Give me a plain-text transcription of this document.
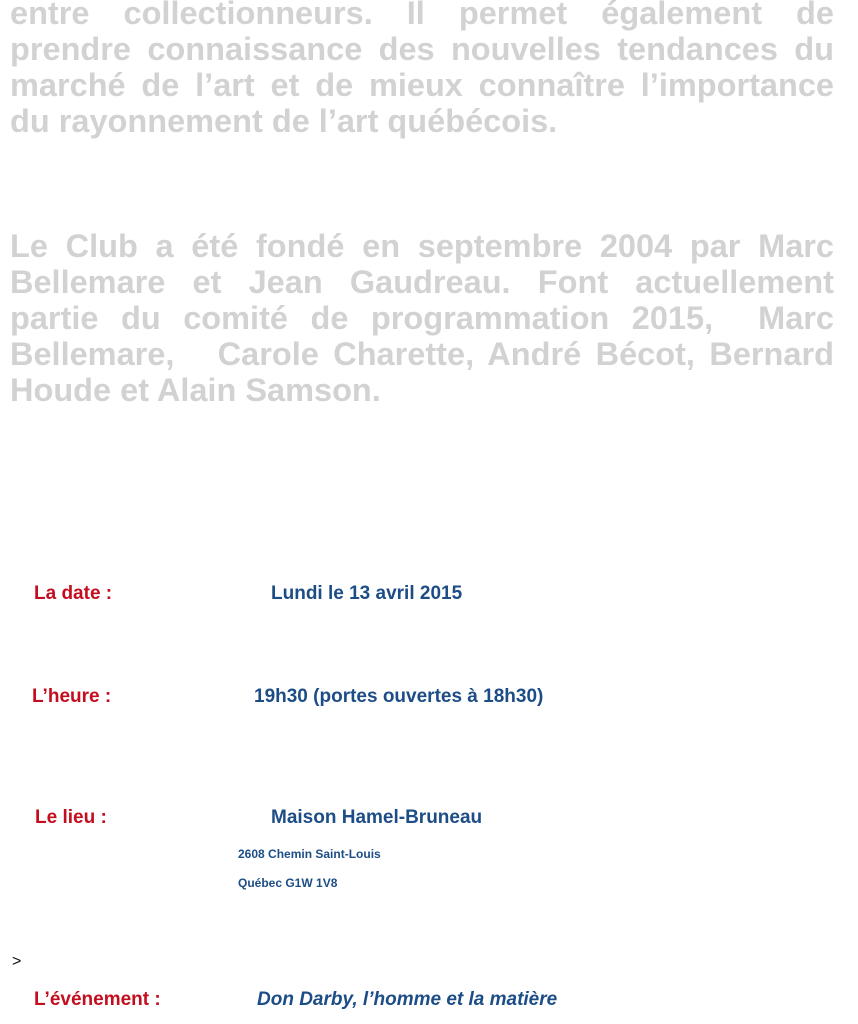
entre collectionneurs. Il permet également de prendre connaissance des nouvelles tendances du marché de l’art et de mieux connaître l’importance du rayonnement de l’art québécois.

Le Club a été fondé en septembre 2004 par Marc Bellemare et Jean Gaudreau. Font actuellement partie du comité de programmation 2015,  Marc Bellemare,   Carole Charette, André Bécot, Bernard Houde et Alain Samson.

La date :	Lundi le 13 avril 2015
L’heure :	19h30 (portes ouvertes à 18h30)
Le lieu :	Maison Hamel-Bruneau
2608 Chemin Saint-Louis
Québec G1W 1V8
>
L’événement :	Don Darby, l’homme et la matière
